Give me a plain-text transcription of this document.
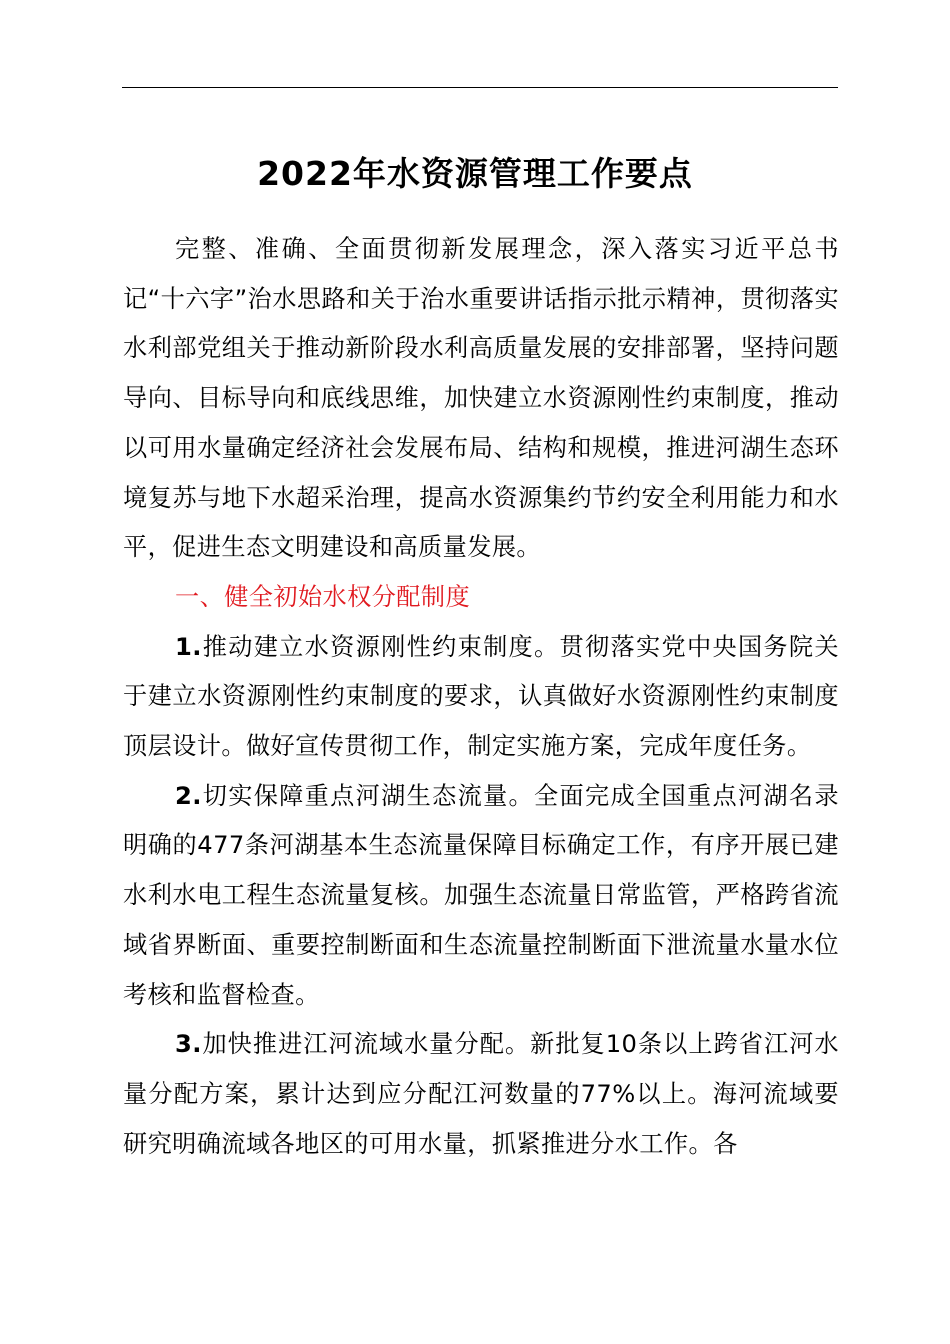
2022年水资源管理工作要点

完整、准确、全面贯彻新发展理念，深入落实习近平总书记“十六字”治水思路和关于治水重要讲话指示批示精神，贯彻落实水利部党组关于推动新阶段水利高质量发展的安排部署，坚持问题导向、目标导向和底线思维，加快建立水资源刚性约束制度，推动以可用水量确定经济社会发展布局、结构和规模，推进河湖生态环境复苏与地下水超采治理，提高水资源集约节约安全利用能力和水平，促进生态文明建设和高质量发展。

一、健全初始水权分配制度

1.推动建立水资源刚性约束制度。贯彻落实党中央国务院关于建立水资源刚性约束制度的要求，认真做好水资源刚性约束制度顶层设计。做好宣传贯彻工作，制定实施方案，完成年度任务。

2.切实保障重点河湖生态流量。全面完成全国重点河湖名录明确的477条河湖基本生态流量保障目标确定工作，有序开展已建水利水电工程生态流量复核。加强生态流量日常监管，严格跨省流域省界断面、重要控制断面和生态流量控制断面下泄流量水量水位考核和监督检查。

3.加快推进江河流域水量分配。新批复10条以上跨省江河水量分配方案，累计达到应分配江河数量的77%以上。海河流域要研究明确流域各地区的可用水量，抓紧推进分水工作。各
